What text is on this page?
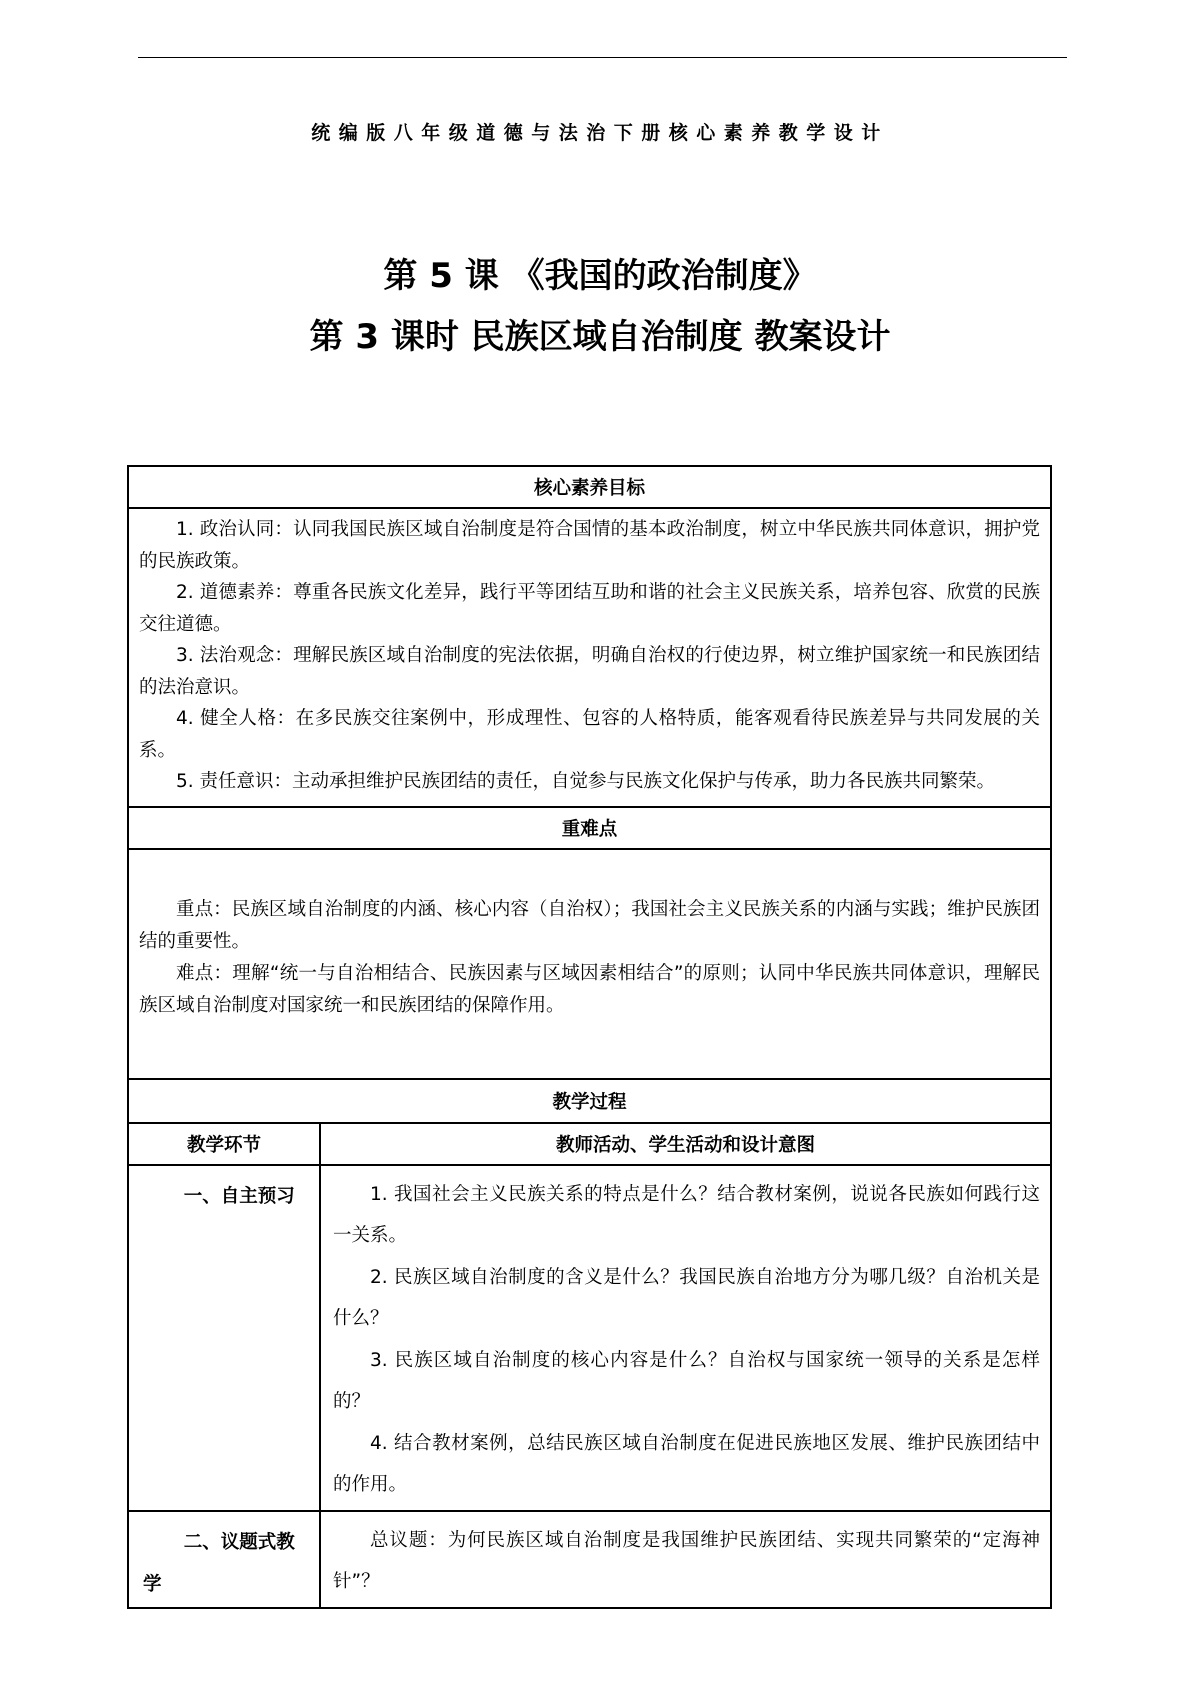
统编版八年级道德与法治下册核心素养教学设计
第 5 课 《我国的政治制度》
第 3 课时 民族区域自治制度 教案设计
核心素养目标	

1. 政治认同：认同我国民族区域自治制度是符合国情的基本政治制度，树立中华民族共同体意识，拥护党的民族政策。

2. 道德素养：尊重各民族文化差异，践行平等团结互助和谐的社会主义民族关系，培养包容、欣赏的民族交往道德。

3. 法治观念：理解民族区域自治制度的宪法依据，明确自治权的行使边界，树立维护国家统一和民族团结的法治意识。

4. 健全人格：在多民族交往案例中，形成理性、包容的人格特质，能客观看待民族差异与共同发展的关系。

5. 责任意识：主动承担维护民族团结的责任，自觉参与民族文化保护与传承，助力各民族共同繁荣。	

重难点	

重点：民族区域自治制度的内涵、核心内容（自治权）；我国社会主义民族关系的内涵与实践；维护民族团结的重要性。

难点：理解“统一与自治相结合、民族因素与区域因素相结合”的原则；认同中华民族共同体意识，理解民族区域自治制度对国家统一和民族团结的保障作用。	

教学过程	
教学环节	教师活动、学生活动和设计意图

一、自主预习	1. 我国社会主义民族关系的特点是什么？结合教材案例，说说各民族如何践行这一关系。

2. 民族区域自治制度的含义是什么？我国民族自治地方分为哪几级？自治机关是什么？

3. 民族区域自治制度的核心内容是什么？自治权与国家统一领导的关系是怎样的？

4. 结合教材案例，总结民族区域自治制度在促进民族地区发展、维护民族团结中的作用。

二、议题式教学	总议题：为何民族区域自治制度是我国维护民族团结、实现共同繁荣的“定海神针”？
